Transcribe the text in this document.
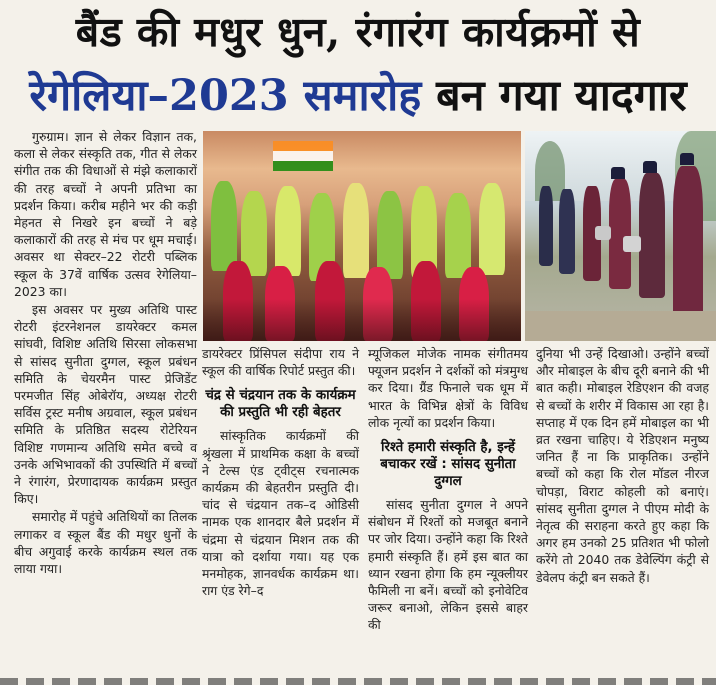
बैंड की मधुर धुन, रंगारंग कार्यक्रमों से
रेगेलिया–2023 समारोह बन गया यादगार

गुरुग्राम। ज्ञान से लेकर विज्ञान तक, कला से लेकर संस्कृति तक, गीत से लेकर संगीत तक की विधाओं से मंझे कलाकारों की तरह बच्चों ने अपनी प्रतिभा का प्रदर्शन किया। करीब महीने भर की कड़ी मेहनत से निखरे इन बच्चों ने बड़े कलाकारों की तरह से मंच पर धूम मचाई। अवसर था सेक्टर–22 रोटरी पब्लिक स्कूल के 37वें वार्षिक उत्सव रेगेलिया–2023 का।

इस अवसर पर मुख्य अतिथि पास्ट रोटरी इंटरनेशनल डायरेक्टर कमल सांघवी, विशिष्ट अतिथि सिरसा लोकसभा से सांसद सुनीता दुग्गल, स्कूल प्रबंधन समिति के चेयरमैन पास्ट प्रेजिडेंट परमजीत सिंह ओबेरॉय, अध्यक्ष रोटरी सर्विस ट्रस्ट मनीष अग्रवाल, स्कूल प्रबंधन समिति के प्रतिष्ठित सदस्य रोटेरियन विशिष्ट गणमान्य अतिथि समेत बच्चे व उनके अभिभावकों की उपस्थिति में बच्चों ने रंगारंग, प्रेरणादायक कार्यक्रम प्रस्तुत किए।

समारोह में पहुंचे अतिथियों का तिलक लगाकर व स्कूल बैंड की मधुर धुनों के बीच अगुवाई करके कार्यक्रम स्थल तक लाया गया।

डायरेक्टर प्रिंसिपल संदीपा राय ने स्कूल की वार्षिक रिपोर्ट प्रस्तुत की।

चंद्र से चंद्रयान तक के कार्यक्रम की प्रस्तुति भी रही बेहतर

सांस्कृतिक कार्यक्रमों की श्रृंखला में प्राथमिक कक्षा के बच्चों ने टेल्स एंड ट्वीट्स रचनात्मक कार्यक्रम की बेहतरीन प्रस्तुति दी। चांद से चंद्रयान तक–द ओडिसी नामक एक शानदार बैले प्रदर्शन में चंद्रमा से चंद्रयान मिशन तक की यात्रा को दर्शाया गया। यह एक मनमोहक, ज्ञानवर्धक कार्यक्रम था। राग एंड रेगे–द

म्यूजिकल मोजेक नामक संगीतमय फ्यूजन प्रदर्शन ने दर्शकों को मंत्रमुग्ध कर दिया। ग्रैंड फिनाले चक धूम में भारत के विभिन्न क्षेत्रों के विविध लोक नृत्यों का प्रदर्शन किया।

रिश्ते हमारी संस्कृति है, इन्हें बचाकर रखें : सांसद सुनीता दुग्गल

सांसद सुनीता दुग्गल ने अपने संबोधन में रिश्तों को मजबूत बनाने पर जोर दिया। उन्होंने कहा कि रिश्ते हमारी संस्कृति हैं। हमें इस बात का ध्यान रखना होगा कि हम न्यूक्लीयर फैमिली ना बनें। बच्चों को इनोवेटिव जरूर बनाओ, लेकिन इससे बाहर की

दुनिया भी उन्हें दिखाओ। उन्होंने बच्चों और मोबाइल के बीच दूरी बनाने की भी बात कही। मोबाइल रेडिएशन की वजह से बच्चों के शरीर में विकास आ रहा है। सप्ताह में एक दिन हमें मोबाइल का भी व्रत रखना चाहिए। ये रेडिएशन मनुष्य जनित हैं ना कि प्राकृतिक। उन्होंने बच्चों को कहा कि रोल मॉडल नीरज चोपड़ा, विराट कोहली को बनाएं। सांसद सुनीता दुग्गल ने पीएम मोदी के नेतृत्व की सराहना करते हुए कहा कि अगर हम उनको 25 प्रतिशत भी फोलो करेंगे तो 2040 तक डेवेल्पिंग कंट्री से डेवेलप कंट्री बन सकते हैं।
